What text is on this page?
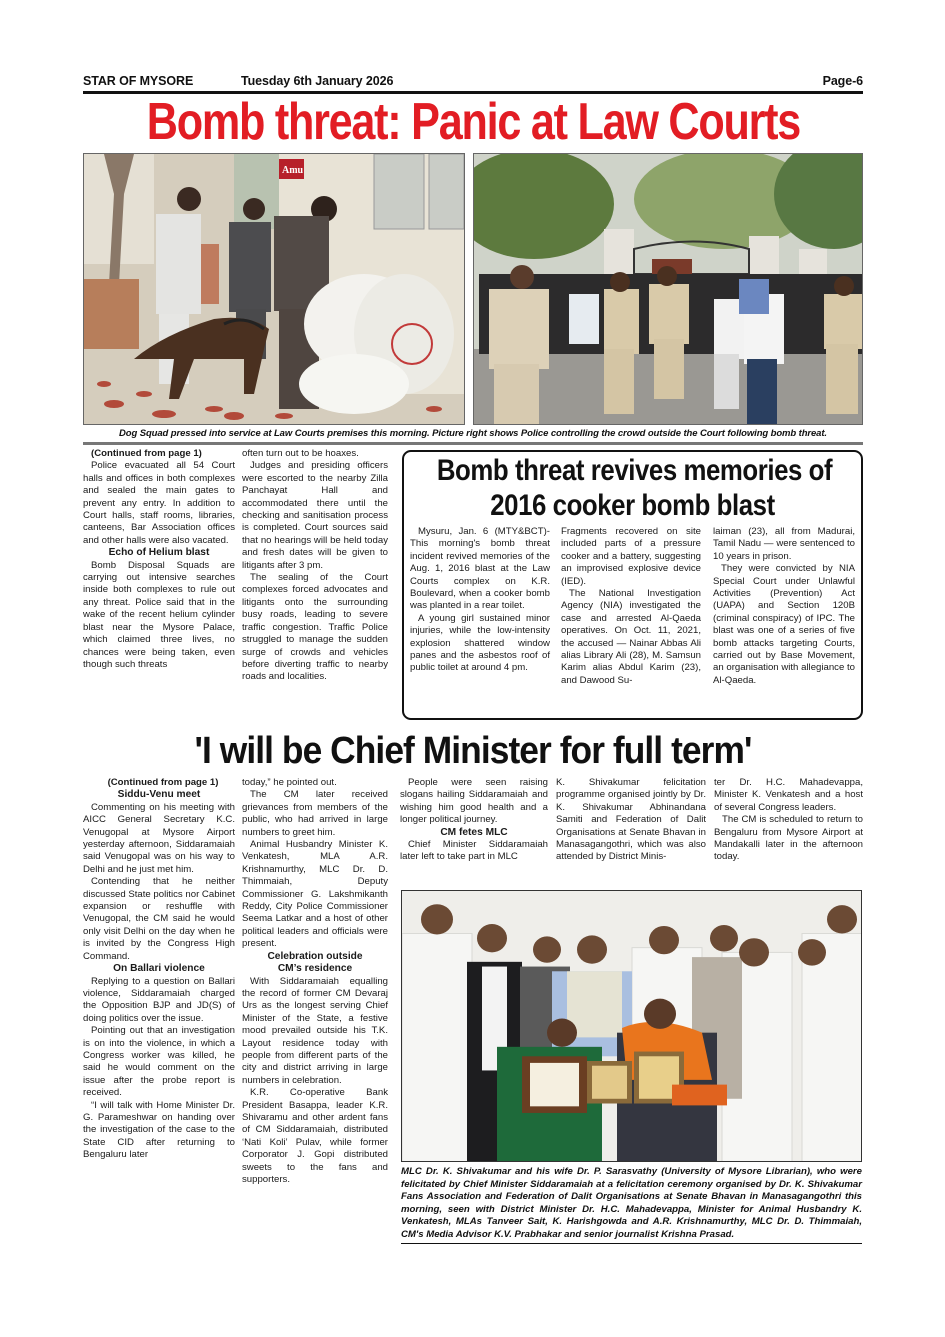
STAR OF MYSORE	Tuesday 6th January 2026	Page-6
Bomb threat: Panic at Law Courts
Amu
Dog Squad pressed into service at Law Courts premises this morning. Picture right shows Police controlling the crowd outside the Court following bomb threat.

(Continued from page 1)

Police evacuated all 54 Court halls and offices in both complexes and sealed the main gates to prevent any entry. In addition to Court halls, staff rooms, libraries, canteens, Bar Association offices and other halls were also vacated.

Echo of Helium blast

Bomb Disposal Squads are carrying out intensive searches inside both complexes to rule out any threat. Police said that in the wake of the recent helium cylinder blast near the Mysore Palace, which claimed three lives, no chances were being taken, even though such threats

often turn out to be hoaxes.

Judges and presiding officers were escorted to the nearby Zilla Panchayat Hall and accommodated there until the checking and sanitisation process is completed. Court sources said that no hearings will be held today and fresh dates will be given to litigants after 3 pm.

The sealing of the Court complexes forced advocates and litigants onto the surrounding busy roads, leading to severe traffic congestion. Traffic Police struggled to manage the sudden surge of crowds and vehicles before diverting traffic to nearby roads and localities.

Bomb threat revives memories of
2016 cooker bomb blast

Mysuru, Jan. 6 (MTY&BCT)- This morning's bomb threat incident revived memories of the Aug. 1, 2016 blast at the Law Courts complex on K.R. Boulevard, when a cooker bomb was planted in a rear toilet.

A young girl sustained minor injuries, while the low-intensity explosion shattered window panes and the asbestos roof of public toilet at around 4 pm.

Fragments recovered on site included parts of a pressure cooker and a battery, suggesting an improvised explosive device (IED).

The National Investigation Agency (NIA) investigated the case and arrested Al-Qaeda operatives. On Oct. 11, 2021, the accused — Nainar Abbas Ali alias Library Ali (28), M. Samsun Karim alias Abdul Karim (23), and Dawood Su-

laiman (23), all from Madurai, Tamil Nadu — were sentenced to 10 years in prison.

They were convicted by NIA Special Court under Unlawful Activities (Prevention) Act (UAPA) and Section 120B (criminal conspiracy) of IPC. The blast was one of a series of five bomb attacks targeting Courts, carried out by Base Movement, an organisation with allegiance to Al-Qaeda.

'I will be Chief Minister for full term'

(Continued from page 1)

Siddu-Venu meet

Commenting on his meeting with AICC General Secretary K.C. Venugopal at Mysore Airport yesterday afternoon, Siddaramaiah said Venugopal was on his way to Delhi and he just met him.

Contending that he neither discussed State politics nor Cabinet expansion or reshuffle with Venugopal, the CM said he would only visit Delhi on the day when he is invited by the Congress High Command.

On Ballari violence

Replying to a question on Ballari violence, Siddaramaiah charged the Opposition BJP and JD(S) of doing politics over the issue.

Pointing out that an investigation is on into the violence, in which a Congress worker was killed, he said he would comment on the issue after the probe report is received.

“I will talk with Home Minister Dr. G. Parameshwar on handing over the investigation of the case to the State CID after returning to Bengaluru later

today,” he pointed out.

The CM later received grievances from members of the public, who had arrived in large numbers to greet him.

Animal Husbandry Minister K. Venkatesh, MLA A.R. Krishnamurthy, MLC Dr. D. Thimmaiah, Deputy Commissioner G. Lakshmikanth Reddy, City Police Commissioner Seema Latkar and a host of other political leaders and officials were present.

Celebration outside

CM’s residence

With Siddaramaiah equalling the record of former CM Devaraj Urs as the longest serving Chief Minister of the State, a festive mood prevailed outside his T.K. Layout residence today with people from different parts of the city and district arriving in large numbers in celebration.

K.R. Co-operative Bank President Basappa, leader K.R. Shivaramu and other ardent fans of CM Siddaramaiah, distributed ‘Nati Koli’ Pulav, while former Corporator J. Gopi distributed sweets to the fans and supporters.

People were seen raising slogans hailing Siddaramaiah and wishing him good health and a longer political journey.

CM fetes MLC

Chief Minister Siddaramaiah later left to take part in MLC

K. Shivakumar felicitation programme organised jointly by Dr. K. Shivakumar Abhinandana Samiti and Federation of Dalit Organisations at Senate Bhavan in Manasagangothri, which was also attended by District Minis-

ter Dr. H.C. Mahadevappa, Minister K. Venkatesh and a host of several Congress leaders.

The CM is scheduled to return to Bengaluru from Mysore Airport at Mandakalli later in the afternoon today.

MLC Dr. K. Shivakumar and his wife Dr. P. Sarasvathy (University of Mysore Librarian), who were felicitated by Chief Minister Siddaramaiah at a felicitation ceremony organised by Dr. K. Shivakumar Fans Association and Federation of Dalit Organisations at Senate Bhavan in Manasagangothri this morning, seen with District Minister Dr. H.C. Mahadevappa, Minister for Animal Husbandry K. Venkatesh, MLAs Tanveer Sait, K. Harishgowda and A.R. Krishnamurthy, MLC Dr. D. Thimmaiah, CM's Media Advisor K.V. Prabhakar and senior journalist Krishna Prasad.
